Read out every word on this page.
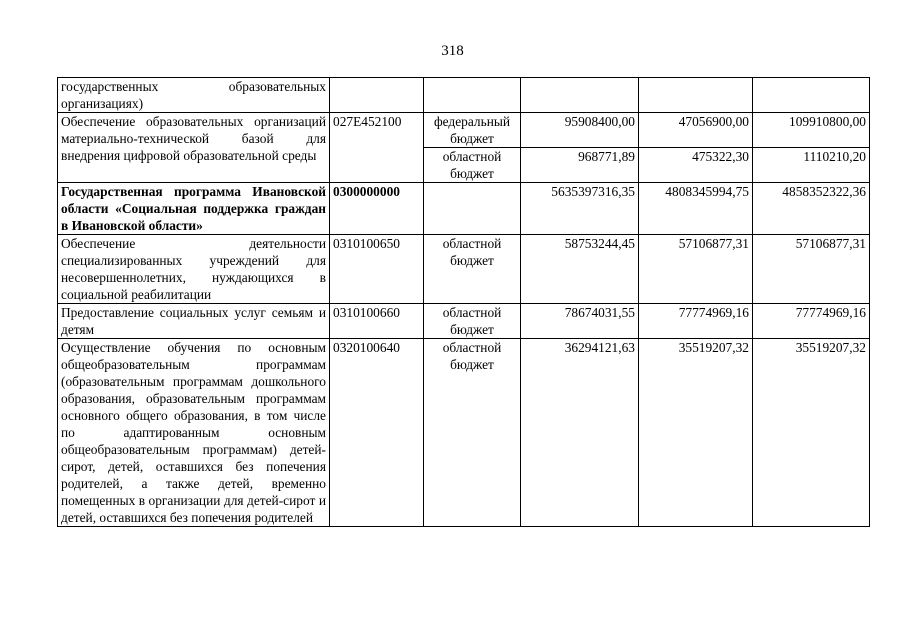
318
государственных образовательных организациях)					
Обеспечение образовательных организаций материально-технической базой для внедрения цифровой образовательной среды	027E452100	федеральный бюджет	95908400,00	47056900,00	109910800,00
		областной бюджет	968771,89	475322,30	1110210,20
Государственная программа Ивановской области «Социальная поддержка граждан в Ивановской области»	0300000000		5635397316,35	4808345994,75	4858352322,36
Обеспечение деятельности специализированных учреждений для несовершеннолетних, нуждающихся в социальной реабилитации	0310100650	областной бюджет	58753244,45	57106877,31	57106877,31
Предоставление социальных услуг семьям и детям	0310100660	областной бюджет	78674031,55	77774969,16	77774969,16
Осуществление обучения по основным общеобразовательным программам (образовательным программам дошкольного образования, образовательным программам основного общего образования, в том числе по адаптированным основным общеобразовательным программам) детей-сирот, детей, оставшихся без попечения родителей, а также детей, временно помещенных в организации для детей-сирот и детей, оставшихся без попечения родителей	0320100640	областной бюджет	36294121,63	35519207,32	35519207,32
